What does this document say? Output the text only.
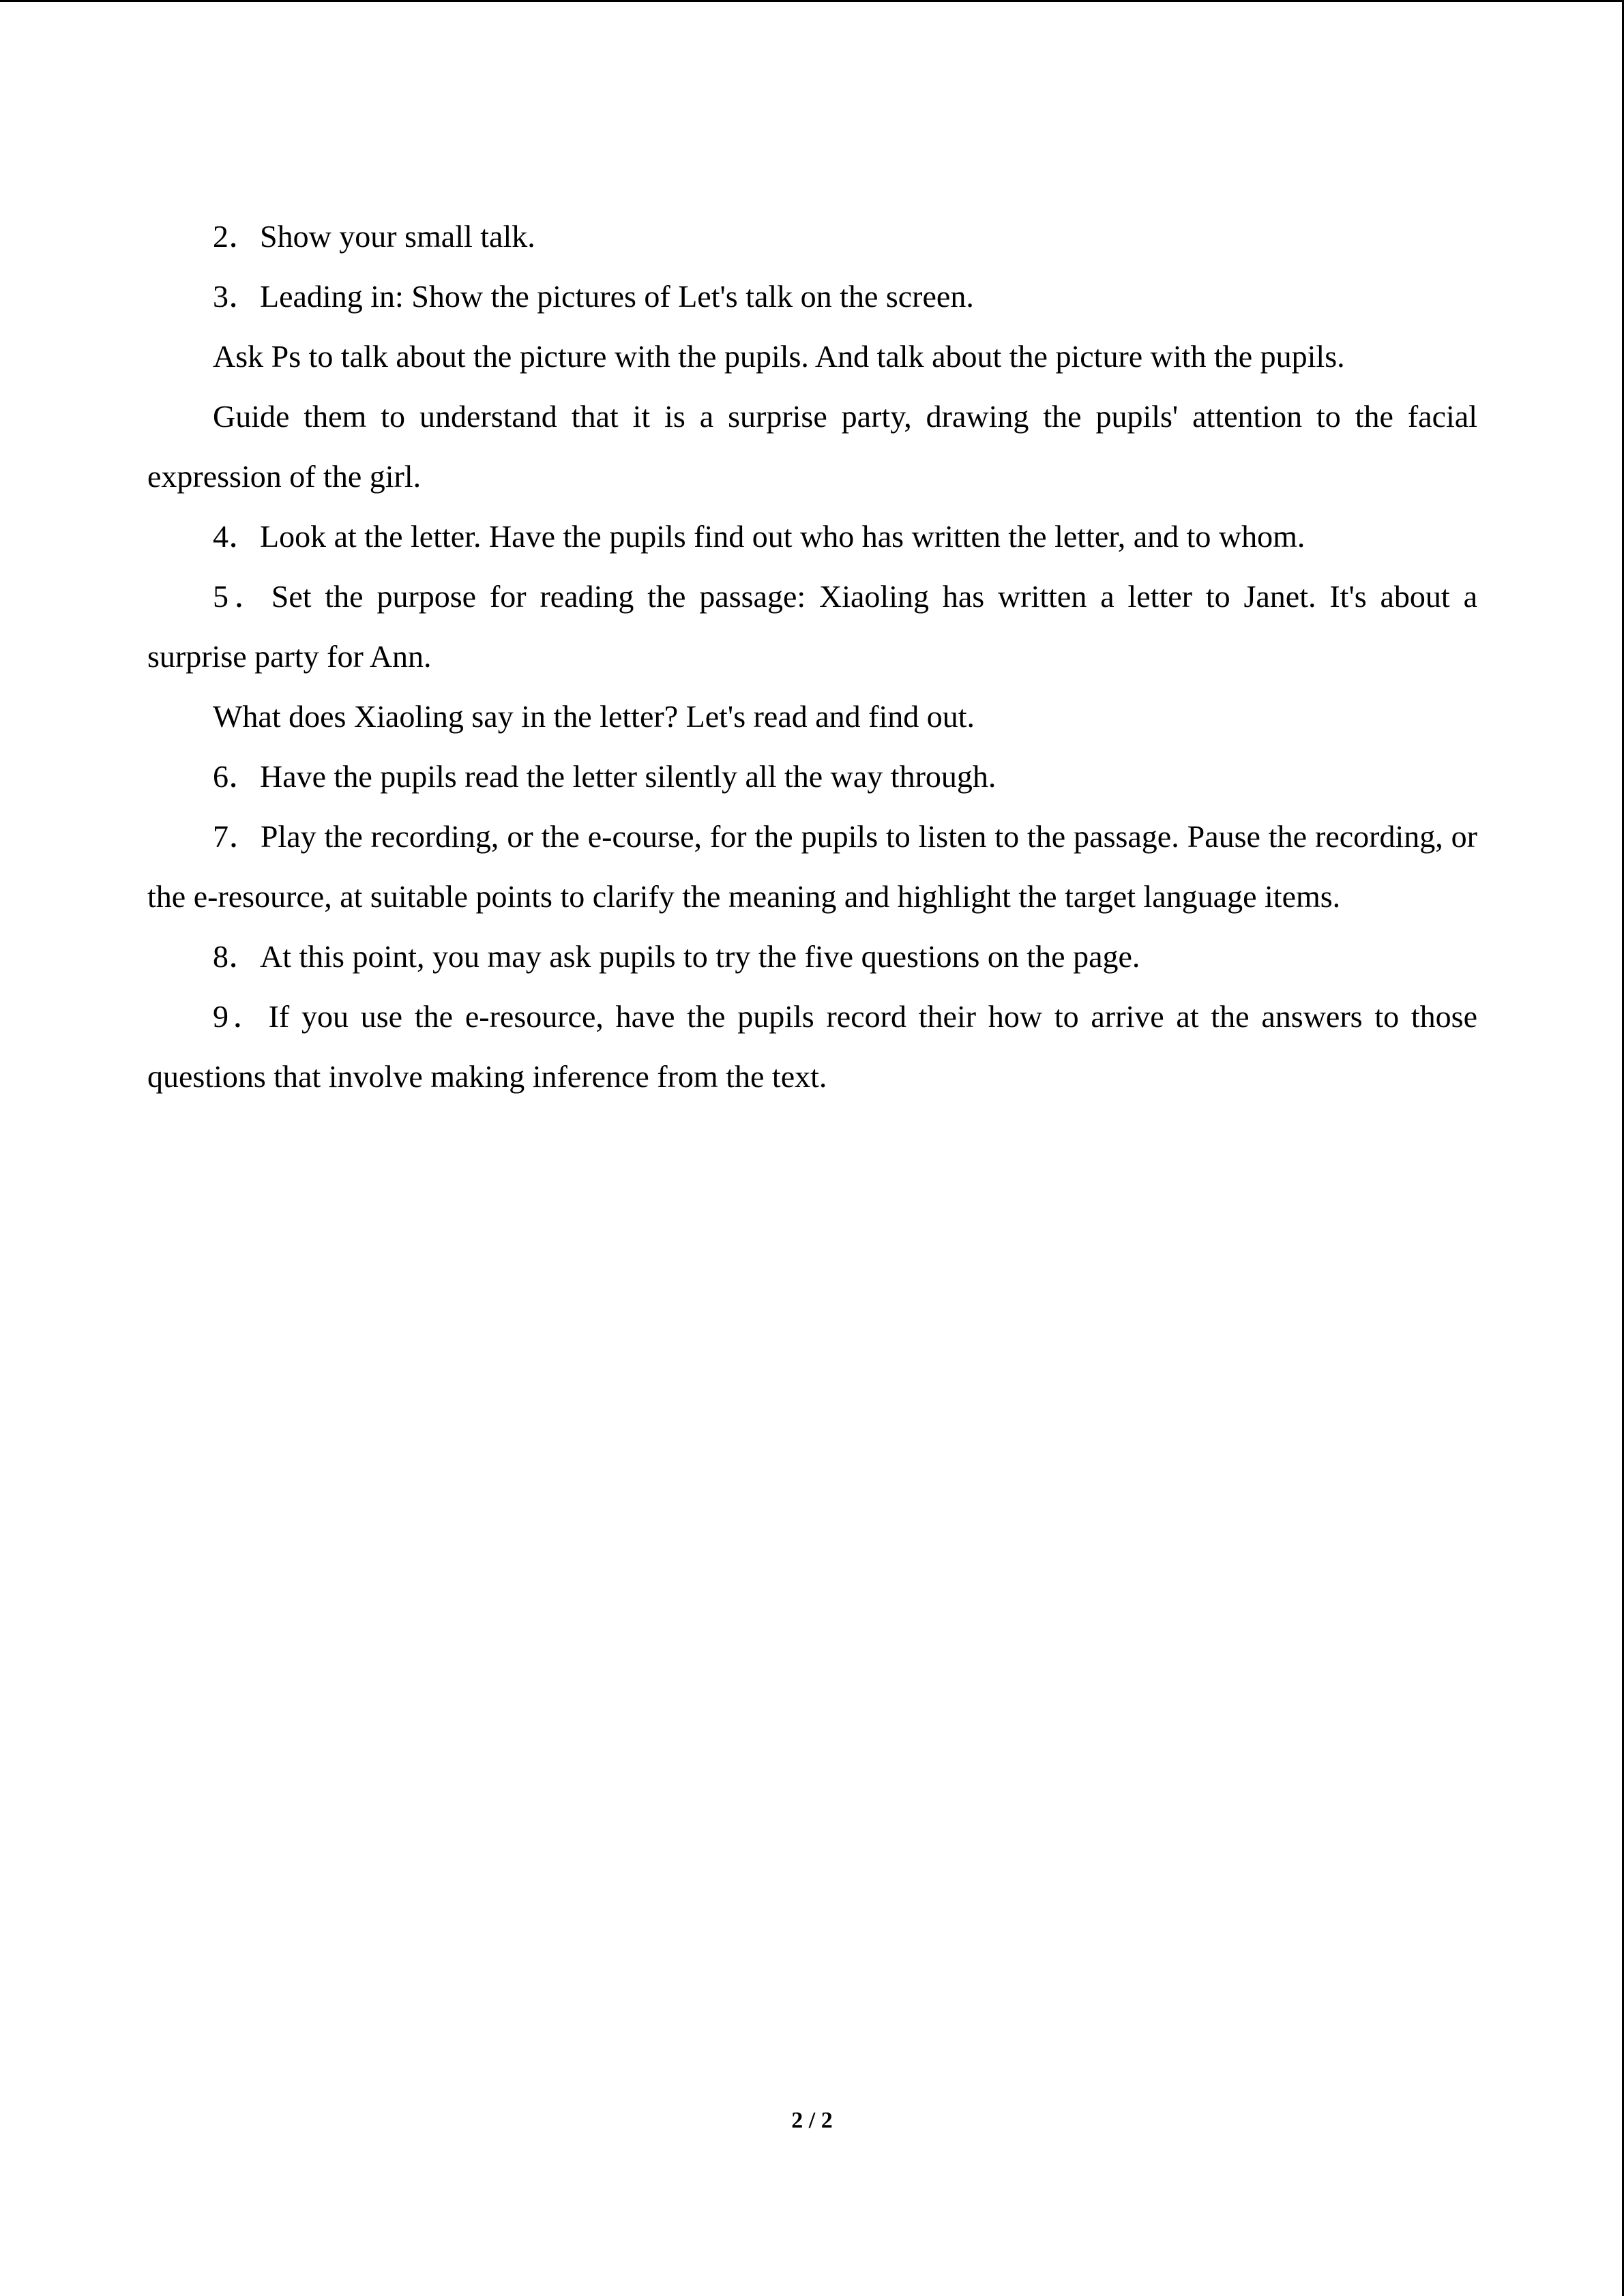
2．Show your small talk.

3．Leading in: Show the pictures of Let's talk on the screen.

Ask Ps to talk about the picture with the pupils. And talk about the picture with the pupils.

Guide them to understand that it is a surprise party, drawing the pupils' attention to the facial expression of the girl.

4．Look at the letter. Have the pupils find out who has written the letter, and to whom.

5．Set the purpose for reading the passage: Xiaoling has written a letter to Janet. It's about a surprise party for Ann.

What does Xiaoling say in the letter? Let's read and find out.

6．Have the pupils read the letter silently all the way through.

7．Play the recording, or the e-course, for the pupils to listen to the passage. Pause the recording, or the e-resource, at suitable points to clarify the meaning and highlight the target language items.

8．At this point, you may ask pupils to try the five questions on the page.

9．If you use the e-resource, have the pupils record their how to arrive at the answers to those questions that involve making inference from the text.

2 / 2
